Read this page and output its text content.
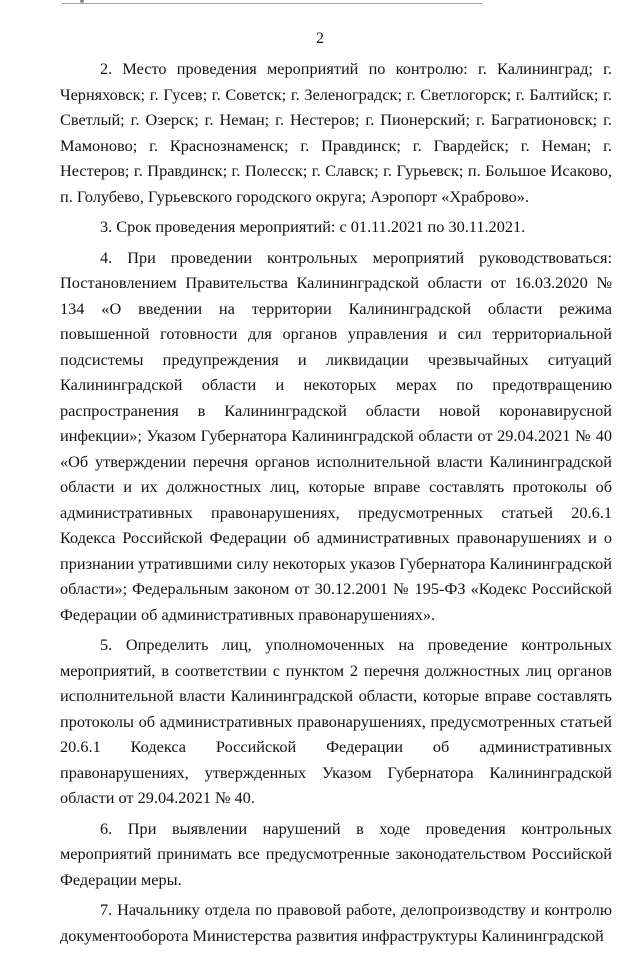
2

2. Место проведения мероприятий по контролю: г. Калининград; г. Черняховск; г. Гусев; г. Советск; г. Зеленоградск; г. Светлогорск; г. Балтийск; г. Светлый; г. Озерск; г. Неман; г. Нестеров; г. Пионерский; г. Багратионовск; г. Мамоново; г. Краснознаменск; г. Правдинск; г. Гвардейск; г. Неман; г. Нестеров; г. Правдинск; г. Полесск; г. Славск; г. Гурьевск; п. Большое Исаково, п. Голубево, Гурьевского городского округа; Аэропорт «Храброво».

3. Срок проведения мероприятий: с 01.11.2021 по 30.11.2021.

4. При проведении контрольных мероприятий руководствоваться: Постановлением Правительства Калининградской области от 16.03.2020 № 134 «О введении на территории Калининградской области режима повышенной готовности для органов управления и сил территориальной подсистемы предупреждения и ликвидации чрезвычайных ситуаций Калининградской области и некоторых мерах по предотвращению распространения в Калининградской области новой коронавирусной инфекции»; Указом Губернатора Калининградской области от 29.04.2021 № 40 «Об утверждении перечня органов исполнительной власти Калининградской области и их должностных лиц, которые вправе составлять протоколы об административных правонарушениях, предусмотренных статьей 20.6.1 Кодекса Российской Федерации об административных правонарушениях и о признании утратившими силу некоторых указов Губернатора Калининградской области»; Федеральным законом от 30.12.2001 № 195-ФЗ «Кодекс Российской Федерации об административных правонарушениях».

5. Определить лиц, уполномоченных на проведение контрольных мероприятий, в соответствии с пунктом 2 перечня должностных лиц органов исполнительной власти Калининградской области, которые вправе составлять протоколы об административных правонарушениях, предусмотренных статьей 20.6.1 Кодекса Российской Федерации об административных правонарушениях, утвержденных Указом Губернатора Калининградской области от 29.04.2021 № 40.

6. При выявлении нарушений в ходе проведения контрольных мероприятий принимать все предусмотренные законодательством Российской Федерации меры.

7. Начальнику отдела по правовой работе, делопроизводству и контролю документооборота Министерства развития инфраструктуры Калининградской
